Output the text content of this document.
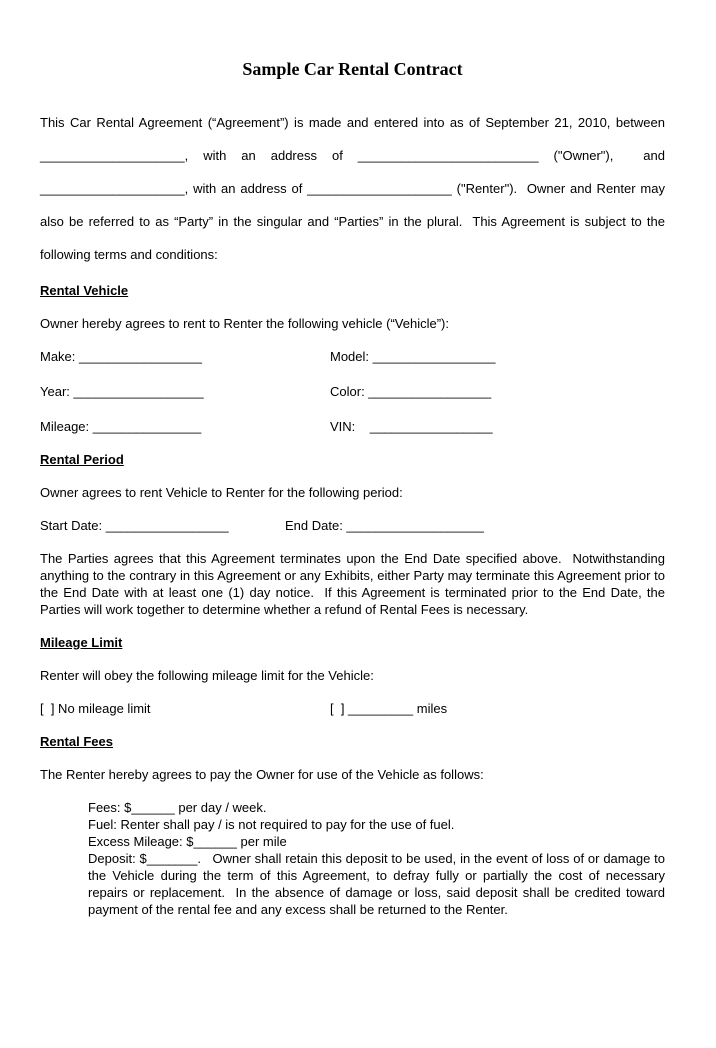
Sample Car Rental Contract

This Car Rental Agreement (“Agreement”) is made and entered into as of September 21, 2010, between ____________________, with an address of _________________________ ("Owner"),  and ____________________, with an address of ____________________ ("Renter").  Owner and Renter may also be referred to as “Party” in the singular and “Parties” in the plural.  This Agreement is subject to the following terms and conditions:

Rental Vehicle

Owner hereby agrees to rent to Renter the following vehicle (“Vehicle”):

Make: _________________	Model: _________________
Year: __________________	Color: _________________
Mileage: _______________	VIN:    _________________
Rental Period

Owner agrees to rent Vehicle to Renter for the following period:

Start Date: _________________	End Date: ___________________

The Parties agrees that this Agreement terminates upon the End Date specified above.  Notwithstanding anything to the contrary in this Agreement or any Exhibits, either Party may terminate this Agreement prior to the End Date with at least one (1) day notice.  If this Agreement is terminated prior to the End Date, the Parties will work together to determine whether a refund of Rental Fees is necessary.

Mileage Limit

Renter will obey the following mileage limit for the Vehicle:

[  ] No mileage limit	[  ] _________ miles
Rental Fees

The Renter hereby agrees to pay the Owner for use of the Vehicle as follows:

Fees: $______ per day / week.

Fuel: Renter shall pay / is not required to pay for the use of fuel.

Excess Mileage: $______ per mile

Deposit: $_______.   Owner shall retain this deposit to be used, in the event of loss of or damage to the Vehicle during the term of this Agreement, to defray fully or partially the cost of necessary repairs or replacement.  In the absence of damage or loss, said deposit shall be credited toward payment of the rental fee and any excess shall be returned to the Renter.
